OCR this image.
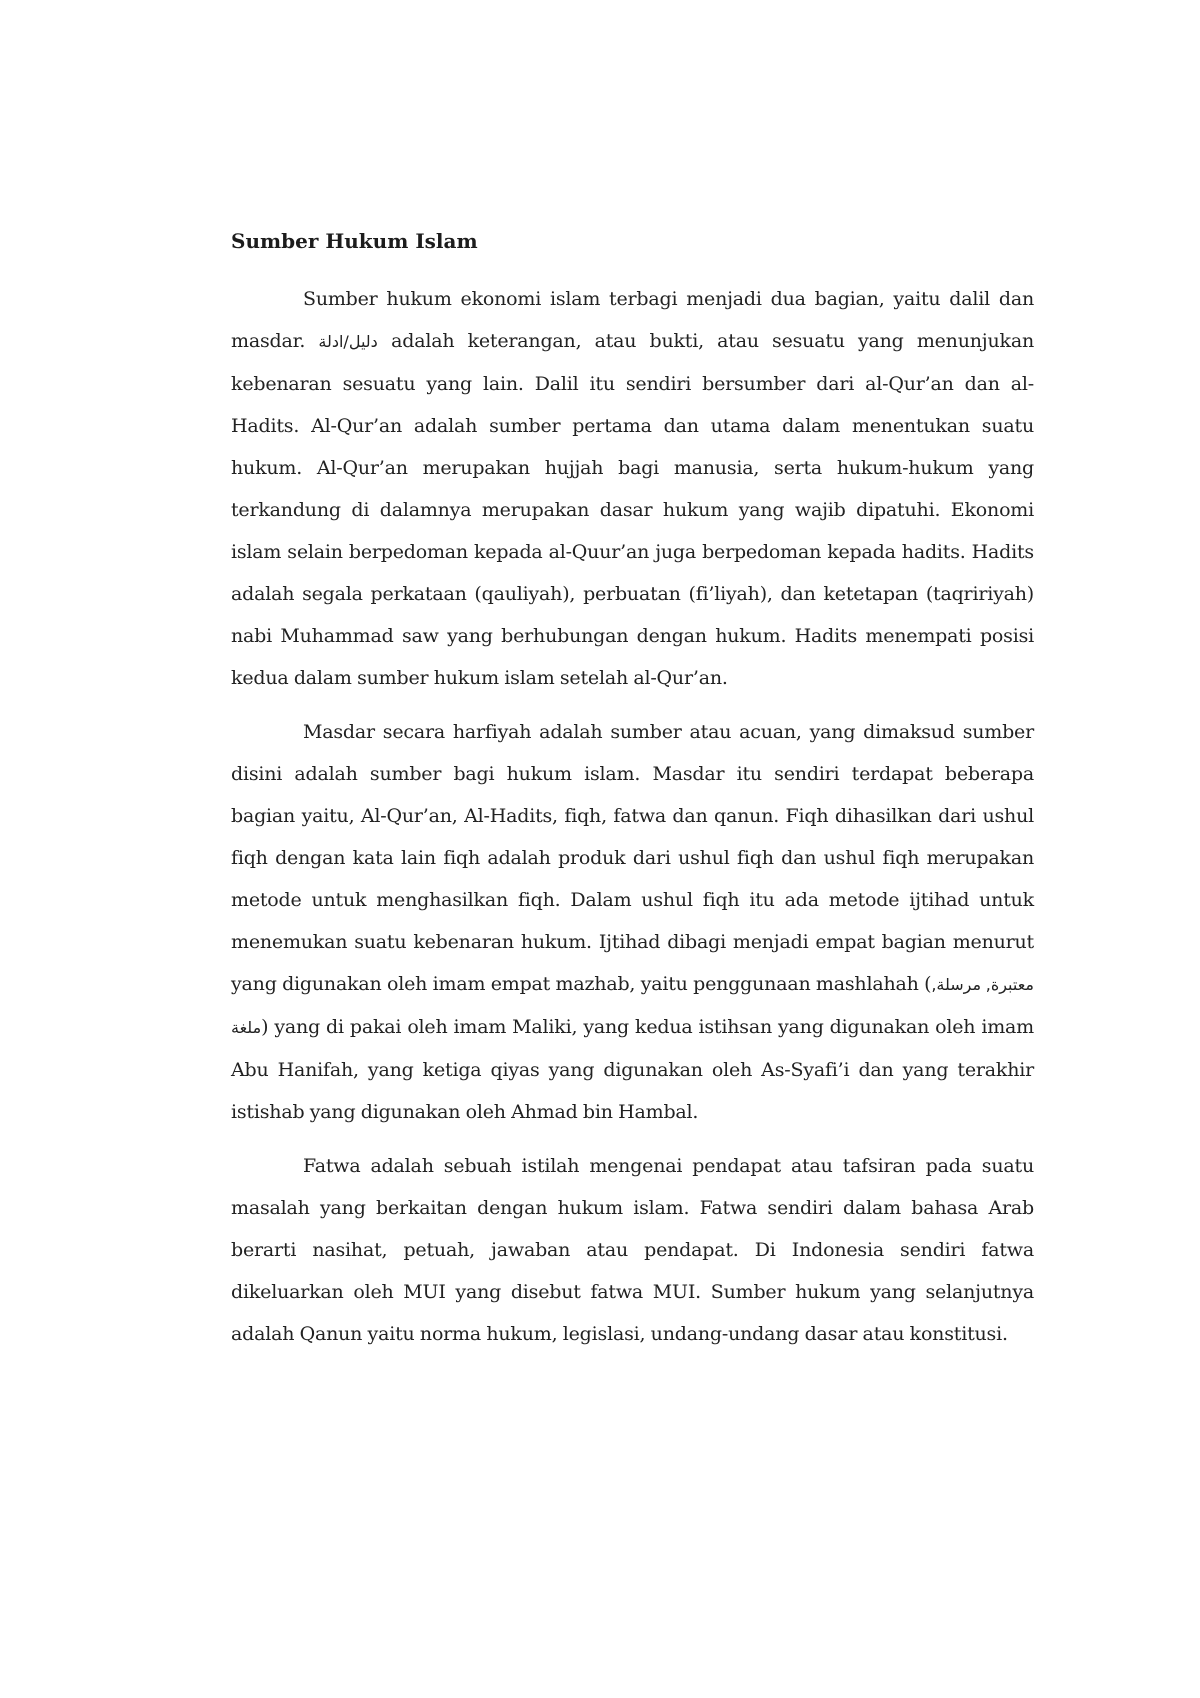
Sumber Hukum Islam

Sumber hukum ekonomi islam terbagi menjadi dua bagian, yaitu dalil dan masdar. دليل/ادلة adalah keterangan, atau bukti, atau sesuatu yang menunjukan kebenaran sesuatu yang lain. Dalil itu sendiri bersumber dari al-Qur’an dan al-Hadits. Al-Qur’an adalah sumber pertama dan utama dalam menentukan suatu hukum. Al-Qur’an merupakan hujjah bagi manusia, serta hukum-hukum yang terkandung di dalamnya merupakan dasar hukum yang wajib dipatuhi. Ekonomi islam selain berpedoman kepada al-Quur’an juga berpedoman kepada hadits. Hadits adalah segala perkataan (qauliyah), perbuatan (fi’liyah), dan ketetapan (taqririyah) nabi Muhammad saw yang berhubungan dengan hukum. Hadits menempati posisi kedua dalam sumber hukum islam setelah al-Qur’an.

Masdar secara harfiyah adalah sumber atau acuan, yang dimaksud sumber disini adalah sumber bagi hukum islam. Masdar itu sendiri terdapat beberapa bagian yaitu, Al-Qur’an, Al-Hadits, fiqh, fatwa dan qanun. Fiqh dihasilkan dari ushul fiqh dengan kata lain fiqh adalah produk dari ushul fiqh dan ushul fiqh merupakan metode untuk menghasilkan fiqh. Dalam ushul fiqh itu ada metode ijtihad untuk menemukan suatu kebenaran hukum. Ijtihad dibagi menjadi empat bagian menurut yang digunakan oleh imam empat mazhab, yaitu penggunaan mashlahah (معتبرة, مرسلة, ملغة) yang di pakai oleh imam Maliki, yang kedua istihsan yang digunakan oleh imam Abu Hanifah, yang ketiga qiyas yang digunakan oleh As-Syafi’i dan yang terakhir istishab yang digunakan oleh Ahmad bin Hambal.

Fatwa adalah sebuah istilah mengenai pendapat atau tafsiran pada suatu masalah yang berkaitan dengan hukum islam. Fatwa sendiri dalam bahasa Arab berarti nasihat, petuah, jawaban atau pendapat. Di Indonesia sendiri fatwa dikeluarkan oleh MUI yang disebut fatwa MUI. Sumber hukum yang selanjutnya adalah Qanun yaitu norma hukum, legislasi, undang-undang dasar atau konstitusi.
